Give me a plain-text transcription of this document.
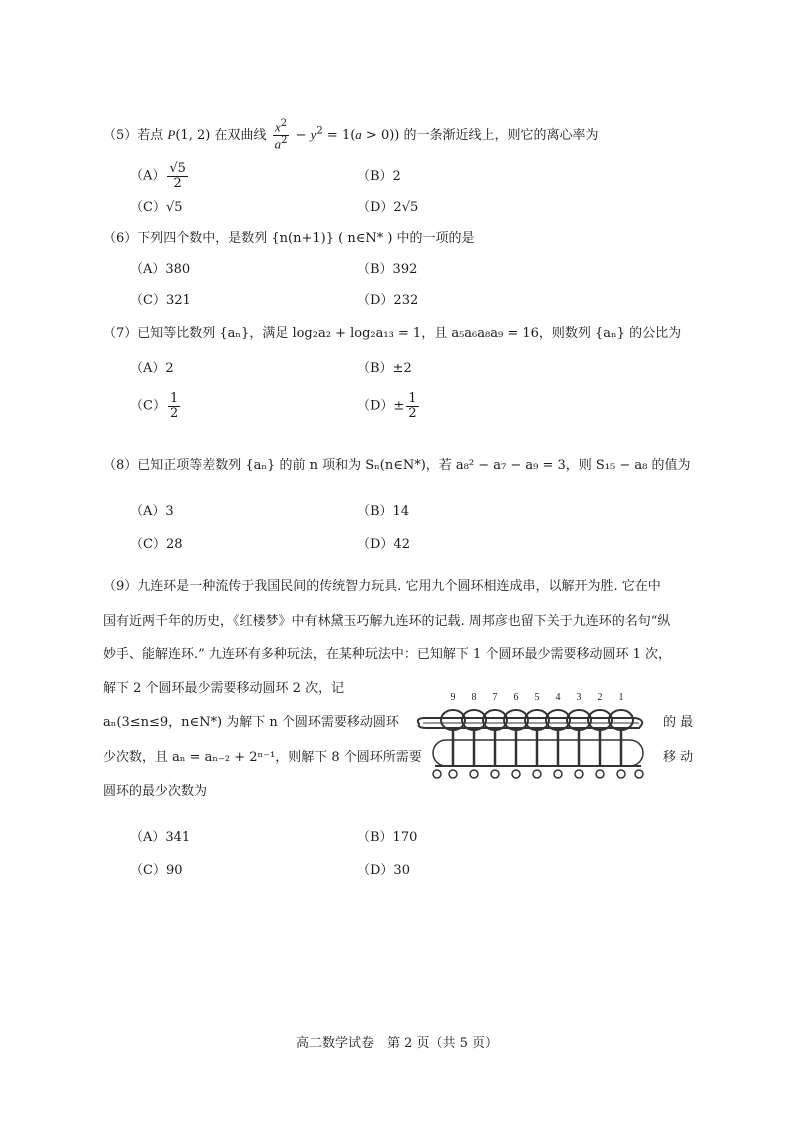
（5）若点 P(1, 2) 在双曲线 $\frac{x^2}{a^2} - y^2 = 1(a > 0)$) 的一条渐近线上，则它的离心率为
$(A) \frac{√5}{2}$	（B）2
（C）√5	（D）2√5
（6）下列四个数中，是数列 {n(n+1)} ( n∈N* ) 中的一项的是
（A）380	（B）392
（C）321	（D）232
（7）已知等比数列 {aₙ}，满足 log₂a₂ + log₂a₁₃ = 1，且 a₅a₆a₈a₉ = 16，则数列 {aₙ} 的公比为
（A）2	（B）±2
$(C) \frac{1}{2}$	$(D)\pm \frac{1}{2}$
（8）已知正项等差数列 {aₙ} 的前 n 项和为 Sₙ(n∈N*)，若 a₈² − a₇ − a₉ = 3，则 S₁₅ − a₈ 的值为
（A）3	（B）14
（C）28	（D）42
（9）九连环是一种流传于我国民间的传统智力玩具. 它用九个圆环相连成串，以解开为胜. 它在中
国有近两千年的历史，《红楼梦》中有林黛玉巧解九连环的记载. 周邦彦也留下关于九连环的名句“纵
妙手、能解连环.” 九连环有多种玩法，在某种玩法中：已知解下 1 个圆环最少需要移动圆环 1 次，
解下 2 个圆环最少需要移动圆环 2 次，记
aₙ(3≤n≤9，n∈N*) 为解下 n 个圆环需要移动圆环	的 最
少次数，且 aₙ = aₙ₋₂ + 2ⁿ⁻¹，则解下 8 个圆环所需要	移 动
圆环的最少次数为
9 8 7 6 5 4 3 2 1
（A）341	（B）170
（C）90	（D）30
高二数学试卷　第 2 页（共 5 页）
